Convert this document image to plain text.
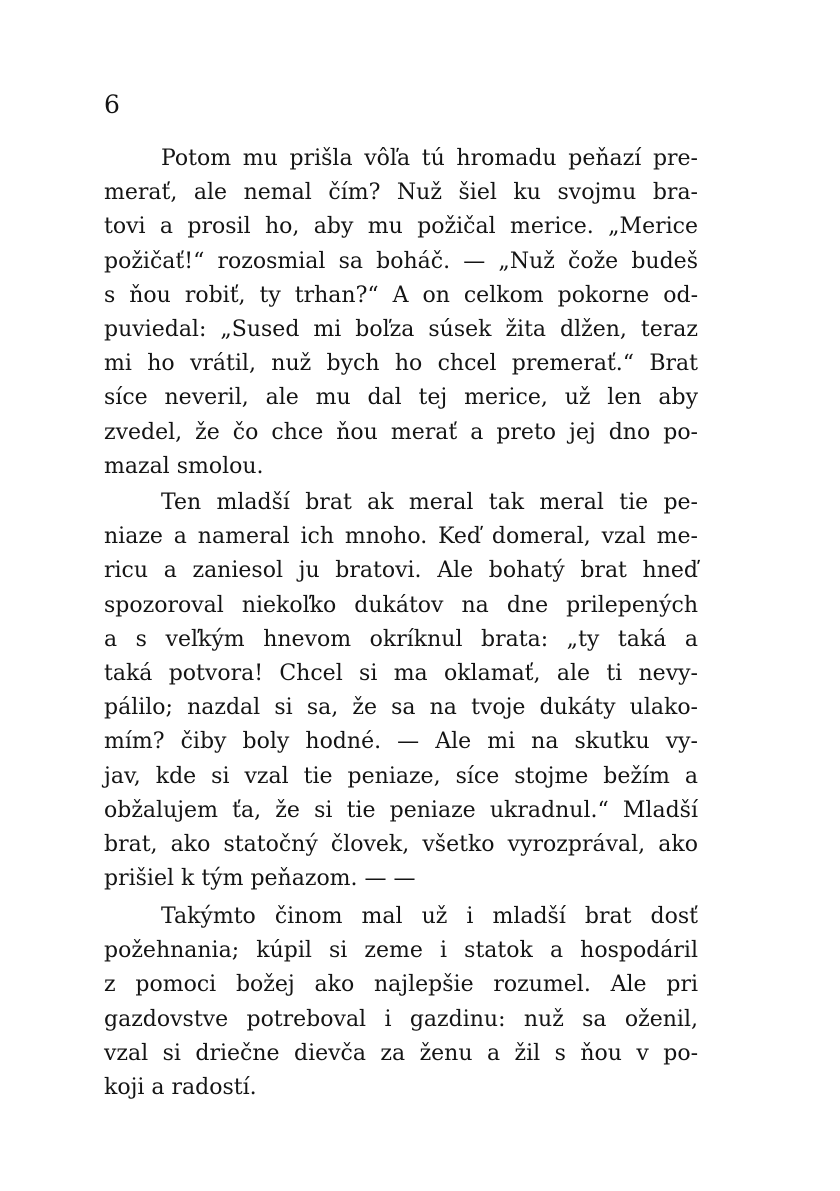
6
Potom mu prišla vôľa tú hromadu peňazí pre-
merať, ale nemal čím? Nuž šiel ku svojmu bra-
tovi a prosil ho, aby mu požičal merice. „Merice
požičať!“ rozosmial sa boháč. — „Nuž čože budeš
s ňou robiť, ty trhan?“ A on celkom pokorne od-
puviedal: „Sused mi boľza súsek žita dlžen, teraz
mi ho vrátil, nuž bych ho chcel premerať.“ Brat
síce neveril, ale mu dal tej merice, už len aby
zvedel, že čo chce ňou merať a preto jej dno po-
mazal smolou.
Ten mladší brat ak meral tak meral tie pe-
niaze a nameral ich mnoho. Keď domeral, vzal me-
ricu a zaniesol ju bratovi. Ale bohatý brat hneď
spozoroval niekoľko dukátov na dne prilepených
a s veľkým hnevom okríknul brata: „ty taká a
taká potvora! Chcel si ma oklamať, ale ti nevy-
pálilo; nazdal si sa, že sa na tvoje dukáty ulako-
mím? čiby boly hodné. — Ale mi na skutku vy-
jav, kde si vzal tie peniaze, síce stojme bežím a
obžalujem ťa, že si tie peniaze ukradnul.“ Mladší
brat, ako statočný človek, všetko vyrozprával, ako
prišiel k tým peňazom. — —
Takýmto činom mal už i mladší brat dosť
požehnania; kúpil si zeme i statok a hospodáril
z pomoci božej ako najlepšie rozumel. Ale pri
gazdovstve potreboval i gazdinu: nuž sa oženil,
vzal si driečne dievča za ženu a žil s ňou v po-
koji a radostí.
